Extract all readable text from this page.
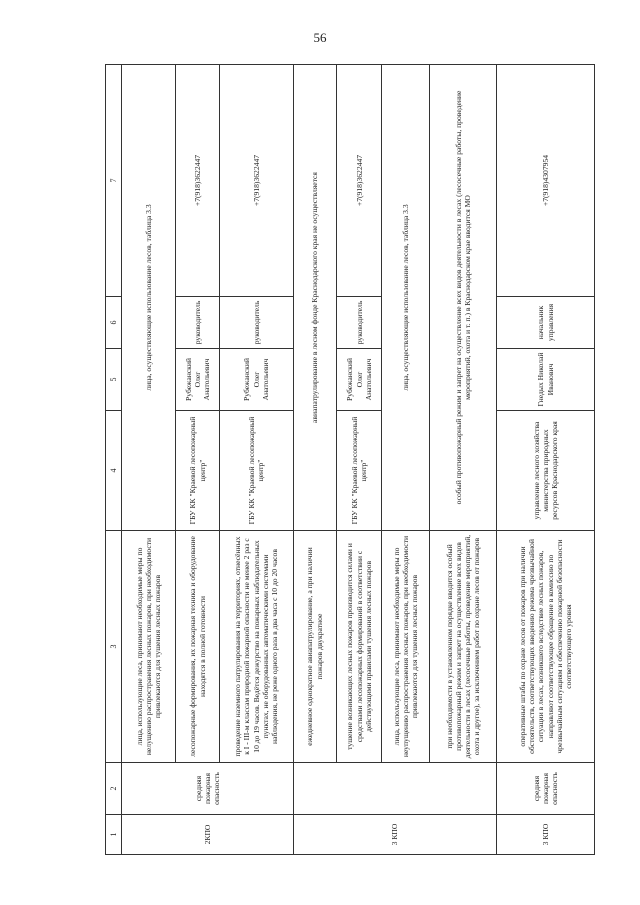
56
1	2	3	4	5	6	7
2КПО	средняя пожарная опасность	лица, использующие леса, принимают необходимые меры по нелущению распространения лесных пожаров, при необходимости привлекаются для тушения лесных пожаров	лица, осуществляющие использование лесов, таблица 3.3			
		лесопожарные формирования, их пожарная техника и оборудование находятся в полной готовности	ГБУ КК "Краевой лесопожарный центр"	Рубежанский Олег Анатольевич	руководитель	+7(918)3622447
		проведение наземного патрулирования на территориях, отнесённых к I - III-м классам природной пожарной опасности не менее 2 раз с 10 до 19 часов. Ведётся дежурство на пожарных наблюдательных пунктах, не оборудованных автоматическими системами наблюдения, не реже одного раза в два часа с 10 до 20 часов	ГБУ КК "Краевой лесопожарный центр"	Рубежанский Олег Анатольевич	руководитель	+7(918)3622447
3 КПО		ежедневное однократное авиапатрулирование, а при наличии пожаров двукратное	авиапатрулирование в лесном фонде Краснодарского края не осуществляется			
		тушение возникающих лесных пожаров производится силами и средствами лесопожарных формирований в соответствии с действующими правилами тушения лесных пожаров	ГБУ КК "Краевой лесопожарный центр"	Рубежанский Олег Анатольевич	руководитель	+7(918)3622447
		лица, использующие леса, принимают необходимые меры по неупущению распространения лесных пожаров, при необходимости привлекаются для тушения лесных пожаров	лица, осуществляющие использование лесов, таблица 3.3			
		при необходимости в установленном порядке вводится особый противопожарный режим и запрет на осуществление всех видов деятельности в лесах (лесосечные работы, проведение мероприятий, охота и другое), за исключением работ по охране лесов от пожаров	особый противопожарный режим и запрет на осуществление всех видов деятельности в лесах (лесосечные работы, проведение мероприятий, охота и т. п.) в Краснодарском крае вводится МО			
3 КПО	средняя пожарная опасность	оперативные штабы по охране лесов от пожаров при наличии обстоятельств, соответствующих введению режима чрезвычайной ситуации в лесах, возникшего вследствие лесных пожаров, направляют соответствующее обращение в комиссию по чрезвычайным ситуациям и обеспечению пожарной безопасности соответствующего уровня	управление лесного хозяйства министерства природных ресурсов Краснодарского края	Гнедых Николай Иванович	начальник управления	+7(918)4307954
